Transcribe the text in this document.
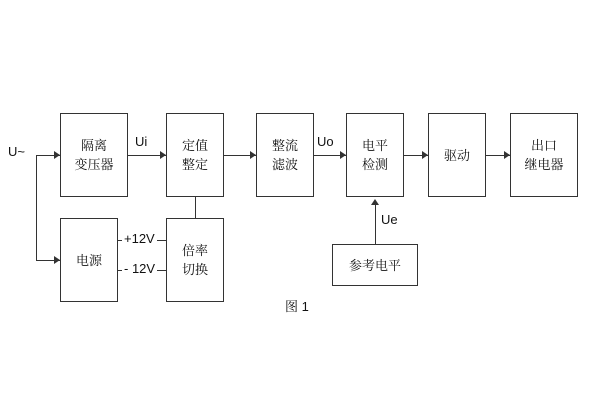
U~	隔离
变压器
Ui	定值
整定
整流
滤波
Uo 电平
检测
驱动
出口
继电器
电源
+12V
- 12V
倍率
切换	参考电平
Ue
图 1
